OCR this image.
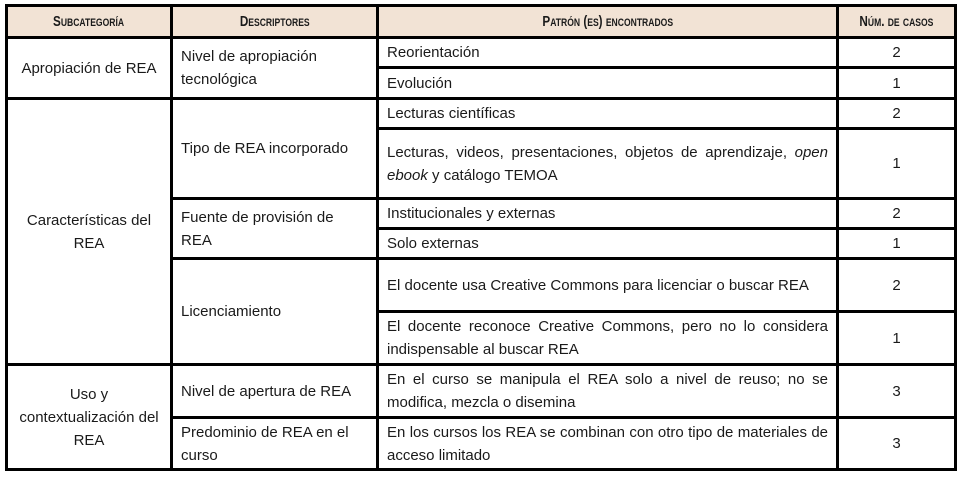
Subcategoría	Descriptores	Patrón (es) encontrados	Núm. de casos
Apropiación de REA	Nivel de apropiación tecnológica	Reorientación	2
		Evolución	1
Características del REA	Tipo de REA incorporado	Lecturas científicas	2
		Lecturas, videos, presentaciones, objetos de aprendizaje, open ebook y catálogo TEMOA	1
	Fuente de provisión de REA	Institucionales y externas	2
		Solo externas	1
	Licenciamiento	El docente usa Creative Commons para licenciar o buscar REA	2
		El docente reconoce Creative Commons, pero no lo considera indispensable al buscar REA	1
Uso y contextualización del REA	Nivel de apertura de REA	En el curso se manipula el REA solo a nivel de reuso; no se modifica, mezcla o disemina	3
	Predominio de REA en el curso	En los cursos los REA se combinan con otro tipo de materiales de acceso limitado	3
